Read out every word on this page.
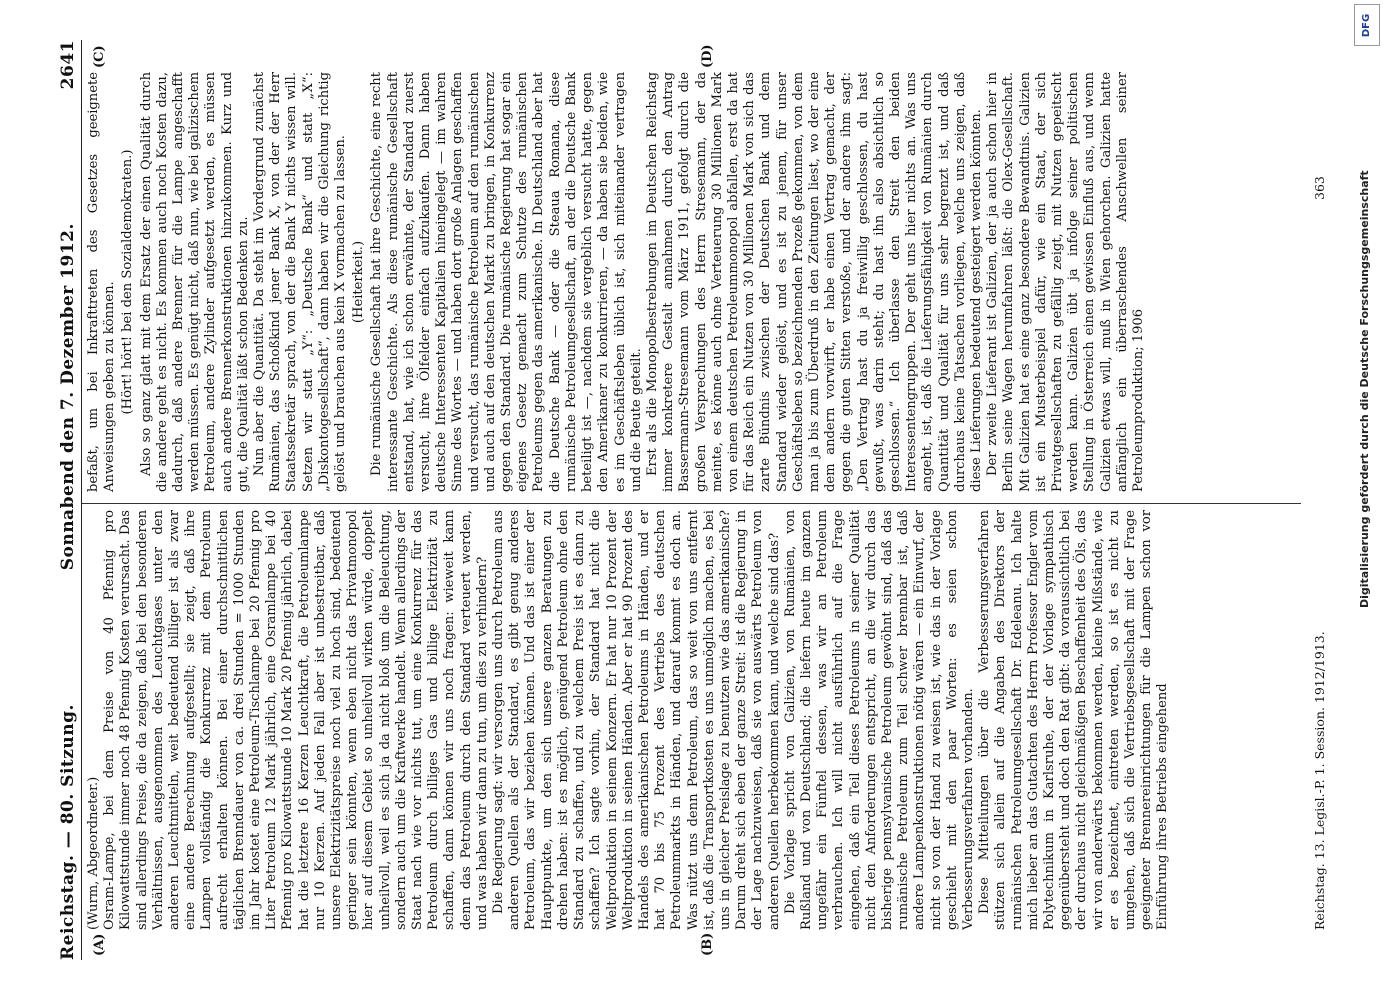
Reichstag. — 80. Sitzung.
Sonnabend den 7. Dezember 1912.
2641
(A)	(B)
(C)	(D)

(Wurm, Abgeordneter.) Osram-Lampe, bei dem Preise von 40 Pfennig pro Kilowattstunde immer noch 48 Pfennig Kosten verursacht. Das sind allerdings Preise, die da zeigen, daß bei den besonderen Verhältnissen, ausgenommen des Leuchtgases unter den anderen Leuchtmitteln, weit bedeutend billiger ist als zwar eine andere Berechnung aufgestellt; sie zeigt, daß ihre Lampen vollständig die Konkurrenz mit dem Petroleum aufrecht erhalten können. Bei einer durchschnittlichen täglichen Brenndauer von ca. drei Stunden = 1000 Stunden im Jahr kostet eine Petroleum-Tischlampe bei 20 Pfennig pro Liter Petroleum 12 Mark jährlich, eine Osramlampe bei 40 Pfennig pro Kilowattstunde 10 Mark 20 Pfennig jährlich, dabei hat die letztere 16 Kerzen Leuchtkraft, die Petroleumlampe nur 10 Kerzen. Auf jeden Fall aber ist unbestreitbar, daß unsere Elektrizitätspreise noch viel zu hoch sind, bedeutend geringer sein könnten, wenn eben nicht das Privatmonopol hier auf diesem Gebiet so unheilvoll wirken würde, doppelt unheilvoll, weil es sich ja da nicht bloß um die Beleuchtung, sondern auch um die Kraftwerke handelt. Wenn allerdings der Staat nach wie vor nichts tut, um eine Konkurrenz für das Petroleum durch billiges Gas und billige Elektrizität zu schaffen, dann können wir uns noch fragen: wieweit kann denn das Petroleum durch den Standard verteuert werden, und was haben wir dann zu tun, um dies zu verhindern? Die Regierung sagt: wir versorgen uns durch Petroleum aus anderen Quellen als der Standard, es gibt genug anderes Petroleum, das wir beziehen können. Und das ist einer der Hauptpunkte, um den sich unsere ganzen Beratungen zu drehen haben: ist es möglich, genügend Petroleum ohne den Standard zu schaffen, und zu welchem Preis ist es dann zu schaffen? Ich sagte vorhin, der Standard hat nicht die Weltproduktion in seinem Konzern. Er hat nur 10 Prozent der Weltproduktion in seinen Händen. Aber er hat 90 Prozent des Handels des amerikanischen Petroleums in Händen, und er hat 70 bis 75 Prozent des Vertriebs des deutschen Petroleummarkts in Händen, und darauf kommt es doch an. Was nützt uns denn Petroleum, das so weit von uns entfernt ist, daß die Transportkosten es uns unmöglich machen, es bei uns in gleicher Preislage zu benutzen wie das amerikanische? Darum dreht sich eben der ganze Streit: ist die Regierung in der Lage nachzuweisen, daß sie von auswärts Petroleum von anderen Quellen herbekommen kann, und welche sind das? Die Vorlage spricht von Galizien, von Rumänien, von Rußland und von Deutschland; die liefern heute im ganzen ungefähr ein Fünftel dessen, was wir an Petroleum verbrauchen. Ich will nicht ausführlich auf die Frage eingehen, daß ein Teil dieses Petroleums in seiner Qualität nicht den Anforderungen entspricht, an die wir durch das bisherige pennsylvanische Petroleum gewöhnt sind, daß das rumänische Petroleum zum Teil schwer brennbar ist, daß andere Lampenkonstruktionen nötig wären — ein Einwurf, der nicht so von der Hand zu weisen ist, wie das in der Vorlage geschieht mit den paar Worten: es seien schon Verbesserungsverfahren vorhanden. Diese Mitteilungen über die Verbesserungsverfahren stützen sich allein auf die Angaben des Direktors der rumänischen Petroleumgesellschaft Dr. Edeleanu. Ich halte mich lieber an das Gutachten des Herrn Professor Engler vom Polytechnikum in Karlsruhe, der der Vorlage sympathisch gegenübersteht und doch den Rat gibt: da voraussichtlich bei der durchaus nicht gleichmäßigen Beschaffenheit des Öls, das wir von anderwärts bekommen werden, kleine Mißstände, wie er es bezeichnet, eintreten werden, so ist es nicht zu umgehen, daß sich die Vertriebsgesellschaft mit der Frage geeigneter Brennereinrichtungen für die Lampen schon vor Einführung ihres Betriebs eingehend

befaßt, um bei Inkrafttreten des Gesetzes geeignete Anweisungen geben zu können. (Hört! hört! bei den Sozialdemokraten.) Also so ganz glatt mit dem Ersatz der einen Qualität durch die andere geht es nicht. Es kommen auch noch Kosten dazu, dadurch, daß andere Brenner für die Lampe angeschafft werden müssen. Es genügt nicht, daß nun, wie bei galizischem Petroleum, andere Zylinder aufgesetzt werden, es müssen auch andere Brennerkonstruktionen hinzukommen. Kurz und gut, die Qualität läßt schon Bedenken zu. Nun aber die Quantität. Da steht im Vordergrund zunächst Rumänien, das Schoßkind jener Bank X, von der der Herr Staatssekretär sprach, von der die Bank Y nichts wissen will. Setzen wir statt „Y“: „Deutsche Bank“ und statt „X“: „Diskontogesellschaft“, dann haben wir die Gleichung richtig gelöst und brauchen aus kein X vormachen zu lassen. (Heiterkeit.) Die rumänische Gesellschaft hat ihre Geschichte, eine recht interessante Geschichte. Als diese rumänische Gesellschaft entstand, hat, wie ich schon erwähnte, der Standard zuerst versucht, ihre Ölfelder einfach aufzukaufen. Dann haben deutsche Interessenten Kapitalien hineingelegt — im wahren Sinne des Wortes — und haben dort große Anlagen geschaffen und versucht, das rumänische Petroleum auf den rumänischen und auch auf den deutschen Markt zu bringen, in Konkurrenz gegen den Standard. Die rumänische Regierung hat sogar ein eigenes Gesetz gemacht zum Schutze des rumänischen Petroleums gegen das amerikanische. In Deutschland aber hat die Deutsche Bank — oder die Steaua Romana, diese rumänische Petroleumgesellschaft, an der die Deutsche Bank beteiligt ist —, nachdem sie vergeblich versucht hatte, gegen den Amerikaner zu konkurrieren, — da haben sie beiden, wie es im Geschäftsleben üblich ist, sich miteinander vertragen und die Beute geteilt. Erst als die Monopolbestrebungen im Deutschen Reichstag immer konkretere Gestalt annahmen durch den Antrag Bassermann-Stresemann vom März 1911, gefolgt durch die großen Versprechungen des Herrn Stresemann, der da meinte, es könne auch ohne Verteuerung 30 Millionen Mark von einem deutschen Petroleummonopol abfallen, erst da hat für das Reich ein Nutzen von 30 Millionen Mark von sich das zarte Bündnis zwischen der Deutschen Bank und dem Standard wieder gelöst, und es ist zu jenem, für unser Geschäftsleben so bezeichnenden Prozeß gekommen, von dem man ja bis zum Überdruß in den Zeitungen liest, wo der eine dem andern vorwirft, er habe einen Vertrag gemacht, der gegen die guten Sitten verstoße, und der andere ihm sagt: „Den Vertrag hast du ja freiwillig geschlossen, du hast gewußt, was darin steht; du hast ihn also absichtlich so geschlossen.“ Ich überlasse den Streit den beiden Interessentengruppen. Der geht uns hier nichts an. Was uns angeht, ist, daß die Lieferungsfähigkeit von Rumänien durch Quantität und Qualität für uns sehr begrenzt ist, und daß durchaus keine Tatsachen vorliegen, welche uns zeigen, daß diese Lieferungen bedeutend gesteigert werden könnten. Der zweite Lieferant ist Galizien, der ja auch schon hier in Berlin seine Wagen herumfahren läßt: die Olex-Gesellschaft. Mit Galizien hat es eine ganz besondere Bewandtnis. Galizien ist ein Musterbeispiel dafür, wie ein Staat, der sich Privatgesellschaften zu gefällig zeigt, mit Nutzen gepeitscht werden kann. Galizien übt ja infolge seiner politischen Stellung in Österreich einen gewissen Einfluß aus, und wenn Galizien etwas will, muß in Wien gehorchen. Galizien hatte anfänglich ein überraschendes Anschwellen seiner Petroleumproduktion; 1906

Reichstag. 13. Legisl.-P. 1. Session. 1912/1913.
363
DFG
Digitalisierung gefördert durch die Deutsche Forschungsgemeinschaft
